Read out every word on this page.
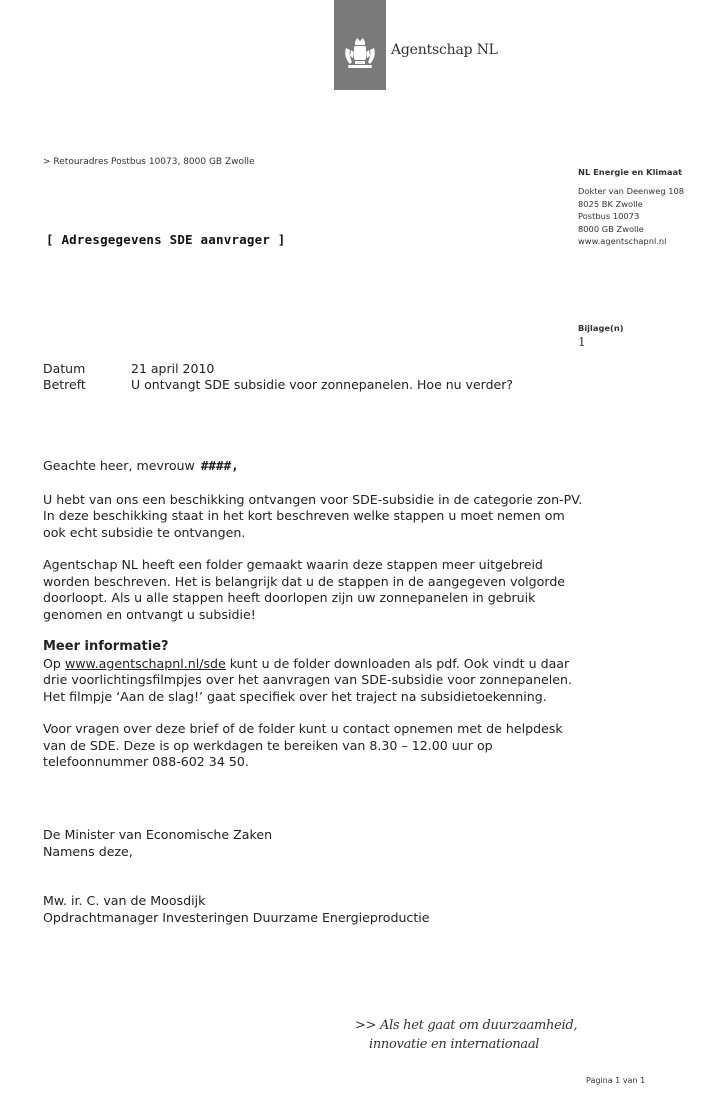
Agentschap NL
> Retouradres Postbus 10073, 8000 GB Zwolle
[ Adresgegevens SDE aanvrager ]
NL Energie en Klimaat
Dokter van Deenweg 108
8025 BK Zwolle
Postbus 10073
8000 GB Zwolle
www.agentschapnl.nl
Bijlage(n)
1
Datum	21 april 2010
Betreft	U ontvangt SDE subsidie voor zonnepanelen. Hoe nu verder?

Geachte heer, mevrouw ####,

U hebt van ons een beschikking ontvangen voor SDE-subsidie in de categorie zon-PV. In deze beschikking staat in het kort beschreven welke stappen u moet nemen om ook echt subsidie te ontvangen.

Agentschap NL heeft een folder gemaakt waarin deze stappen meer uitgebreid worden beschreven. Het is belangrijk dat u de stappen in de aangegeven volgorde doorloopt. Als u alle stappen heeft doorlopen zijn uw zonnepanelen in gebruik genomen en ontvangt u subsidie!

Meer informatie?

Op www.agentschapnl.nl/sde kunt u de folder downloaden als pdf. Ook vindt u daar drie voorlichtingsfilmpjes over het aanvragen van SDE-subsidie voor zonnepanelen. Het filmpje ‘Aan de slag!’ gaat specifiek over het traject na subsidietoekenning.

Voor vragen over deze brief of de folder kunt u contact opnemen met de helpdesk van de SDE. Deze is op werkdagen te bereiken van 8.30 – 12.00 uur op telefoonnummer 088-602 34 50.

De Minister van Economische Zaken
Namens deze,
Mw. ir. C. van de Moosdijk
Opdrachtmanager Investeringen Duurzame Energieproductie
>> Als het gaat om duurzaamheid,
innovatie en internationaal
Pagina 1 van 1
